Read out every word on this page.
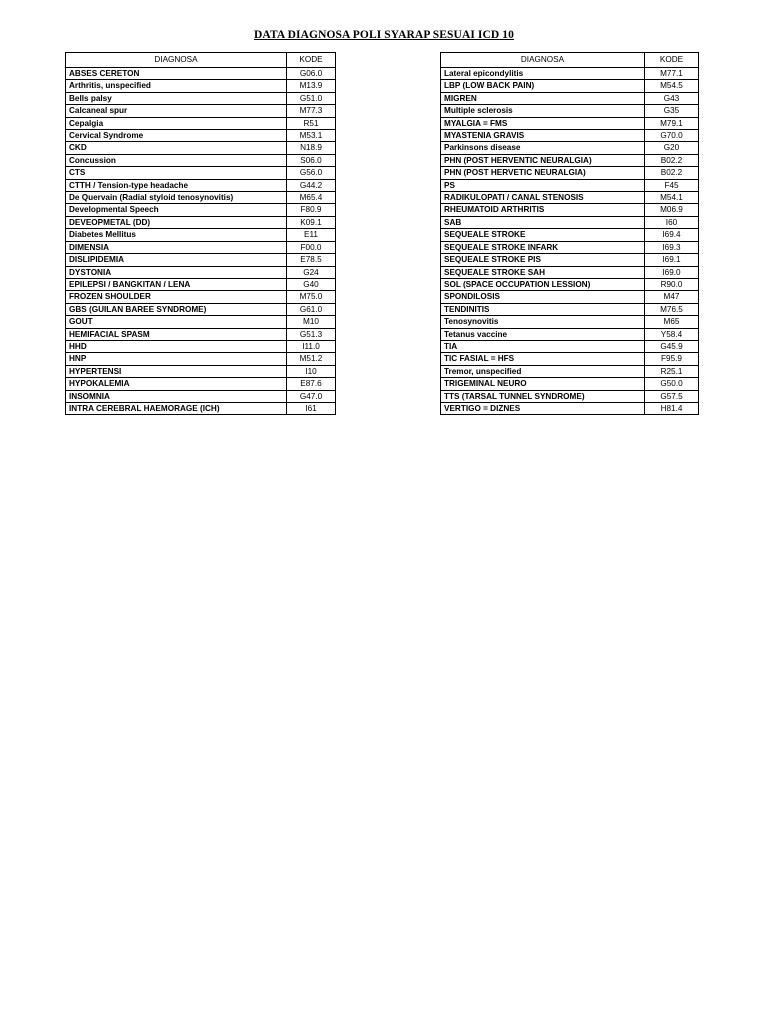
DATA DIAGNOSA POLI SYARAP SESUAI ICD 10
DIAGNOSA	KODE
ABSES CERETON	G06.0
Arthritis, unspecified	M13.9
Bells palsy	G51.0
Calcaneal spur	M77.3
Cepalgia	R51
Cervical Syndrome	M53.1
CKD	N18.9
Concussion	S06.0
CTS	G56.0
CTTH / Tension-type headache	G44.2
De Quervain (Radial styloid tenosynovitis)	M65.4
Developmental Speech	F80.9
DEVEOPMETAL (DD)	K09.1
Diabetes Mellitus	E11
DIMENSIA	F00.0
DISLIPIDEMIA	E78.5
DYSTONIA	G24
EPILEPSI / BANGKITAN / LENA	G40
FROZEN SHOULDER	M75.0
GBS (GUILAN BAREE SYNDROME)	G61.0
GOUT	M10
HEMIFACIAL SPASM	G51.3
HHD	I11.0
HNP	M51.2
HYPERTENSI	I10
HYPOKALEMIA	E87.6
INSOMNIA	G47.0
INTRA CEREBRAL HAEMORAGE (ICH)	I61
DIAGNOSA	KODE
Lateral epicondylitis	M77.1
LBP (LOW BACK PAIN)	M54.5
MIGREN	G43
Multiple sclerosis	G35
MYALGIA = FMS	M79.1
MYASTENIA GRAVIS	G70.0
Parkinsons disease	G20
PHN (POST HERVENTIC NEURALGIA)	B02.2
PHN (POST HERVETIC NEURALGIA)	B02.2
PS	F45
RADIKULOPATI / CANAL STENOSIS	M54.1
RHEUMATOID ARTHRITIS	M06.9
SAB	I60
SEQUEALE STROKE	I69.4
SEQUEALE STROKE INFARK	I69.3
SEQUEALE STROKE PIS	I69.1
SEQUEALE STROKE SAH	I69.0
SOL (SPACE OCCUPATION LESSION)	R90.0
SPONDILOSIS	M47
TENDINITIS	M76.5
Tenosynovitis	M65
Tetanus vaccine	Y58.4
TIA	G45.9
TIC FASIAL = HFS	F95.9
Tremor, unspecified	R25.1
TRIGEMINAL NEURO	G50.0
TTS (TARSAL TUNNEL SYNDROME)	G57.5
VERTIGO = DIZNES	H81.4
